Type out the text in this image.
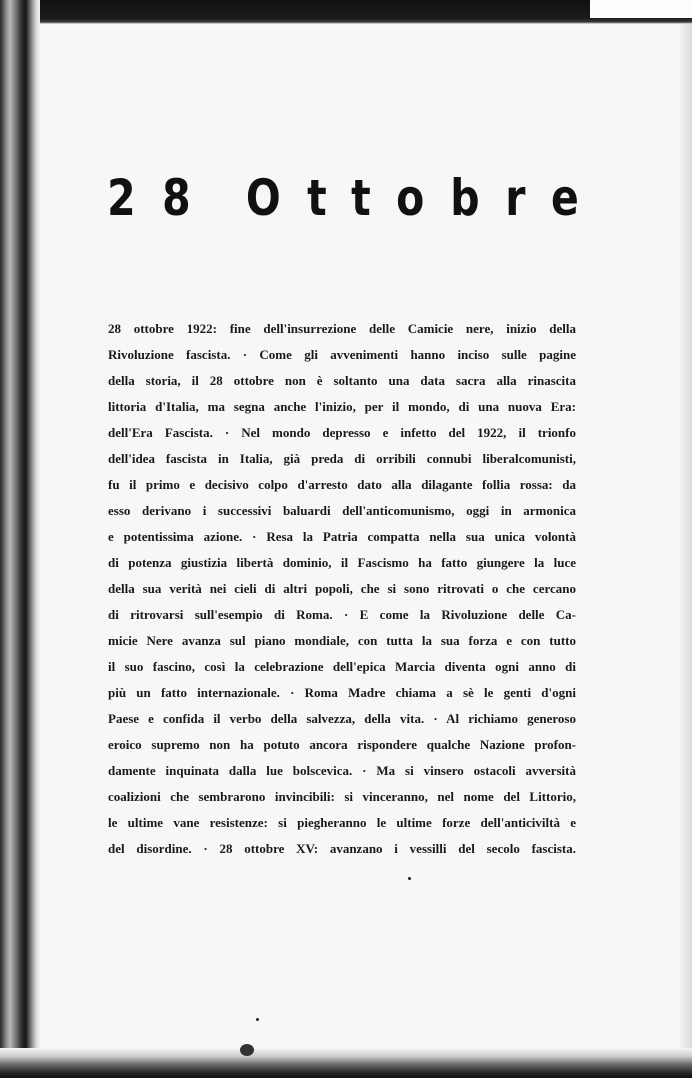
2 8 O t t o b r e
28 ottobre 1922: fine dell'insurrezione delle Camicie nere, inizio della
Rivoluzione fascista. · Come gli avvenimenti hanno inciso sulle pagine
della storia, il 28 ottobre non è soltanto una data sacra alla rinascita
littoria d'Italia, ma segna anche l'inizio, per il mondo, di una nuova Era:
dell'Era Fascista. · Nel mondo depresso e infetto del 1922, il trionfo
dell'idea fascista in Italia, già preda di orribili connubi liberalcomunisti,
fu il primo e decisivo colpo d'arresto dato alla dilagante follia rossa: da
esso derivano i successivi baluardi dell'anticomunismo, oggi in armonica
e potentissima azione. · Resa la Patria compatta nella sua unica volontà
di potenza giustizia libertà dominio, il Fascismo ha fatto giungere la luce
della sua verità nei cieli di altri popoli, che si sono ritrovati o che cercano
di ritrovarsi sull'esempio di Roma. · E come la Rivoluzione delle Ca-
micie Nere avanza sul piano mondiale, con tutta la sua forza e con tutto
il suo fascino, così la celebrazione dell'epica Marcia diventa ogni anno di
più un fatto internazionale. · Roma Madre chiama a sè le genti d'ogni
Paese e confida il verbo della salvezza, della vita. · Al richiamo generoso
eroico supremo non ha potuto ancora rispondere qualche Nazione profon-
damente inquinata dalla lue bolscevica. · Ma si vinsero ostacoli avversità
coalizioni che sembrarono invincibili: si vinceranno, nel nome del Littorio,
le ultime vane resistenze: si piegheranno le ultime forze dell'anticiviltà e
del disordine. · 28 ottobre XV: avanzano i vessilli del secolo fascista.
